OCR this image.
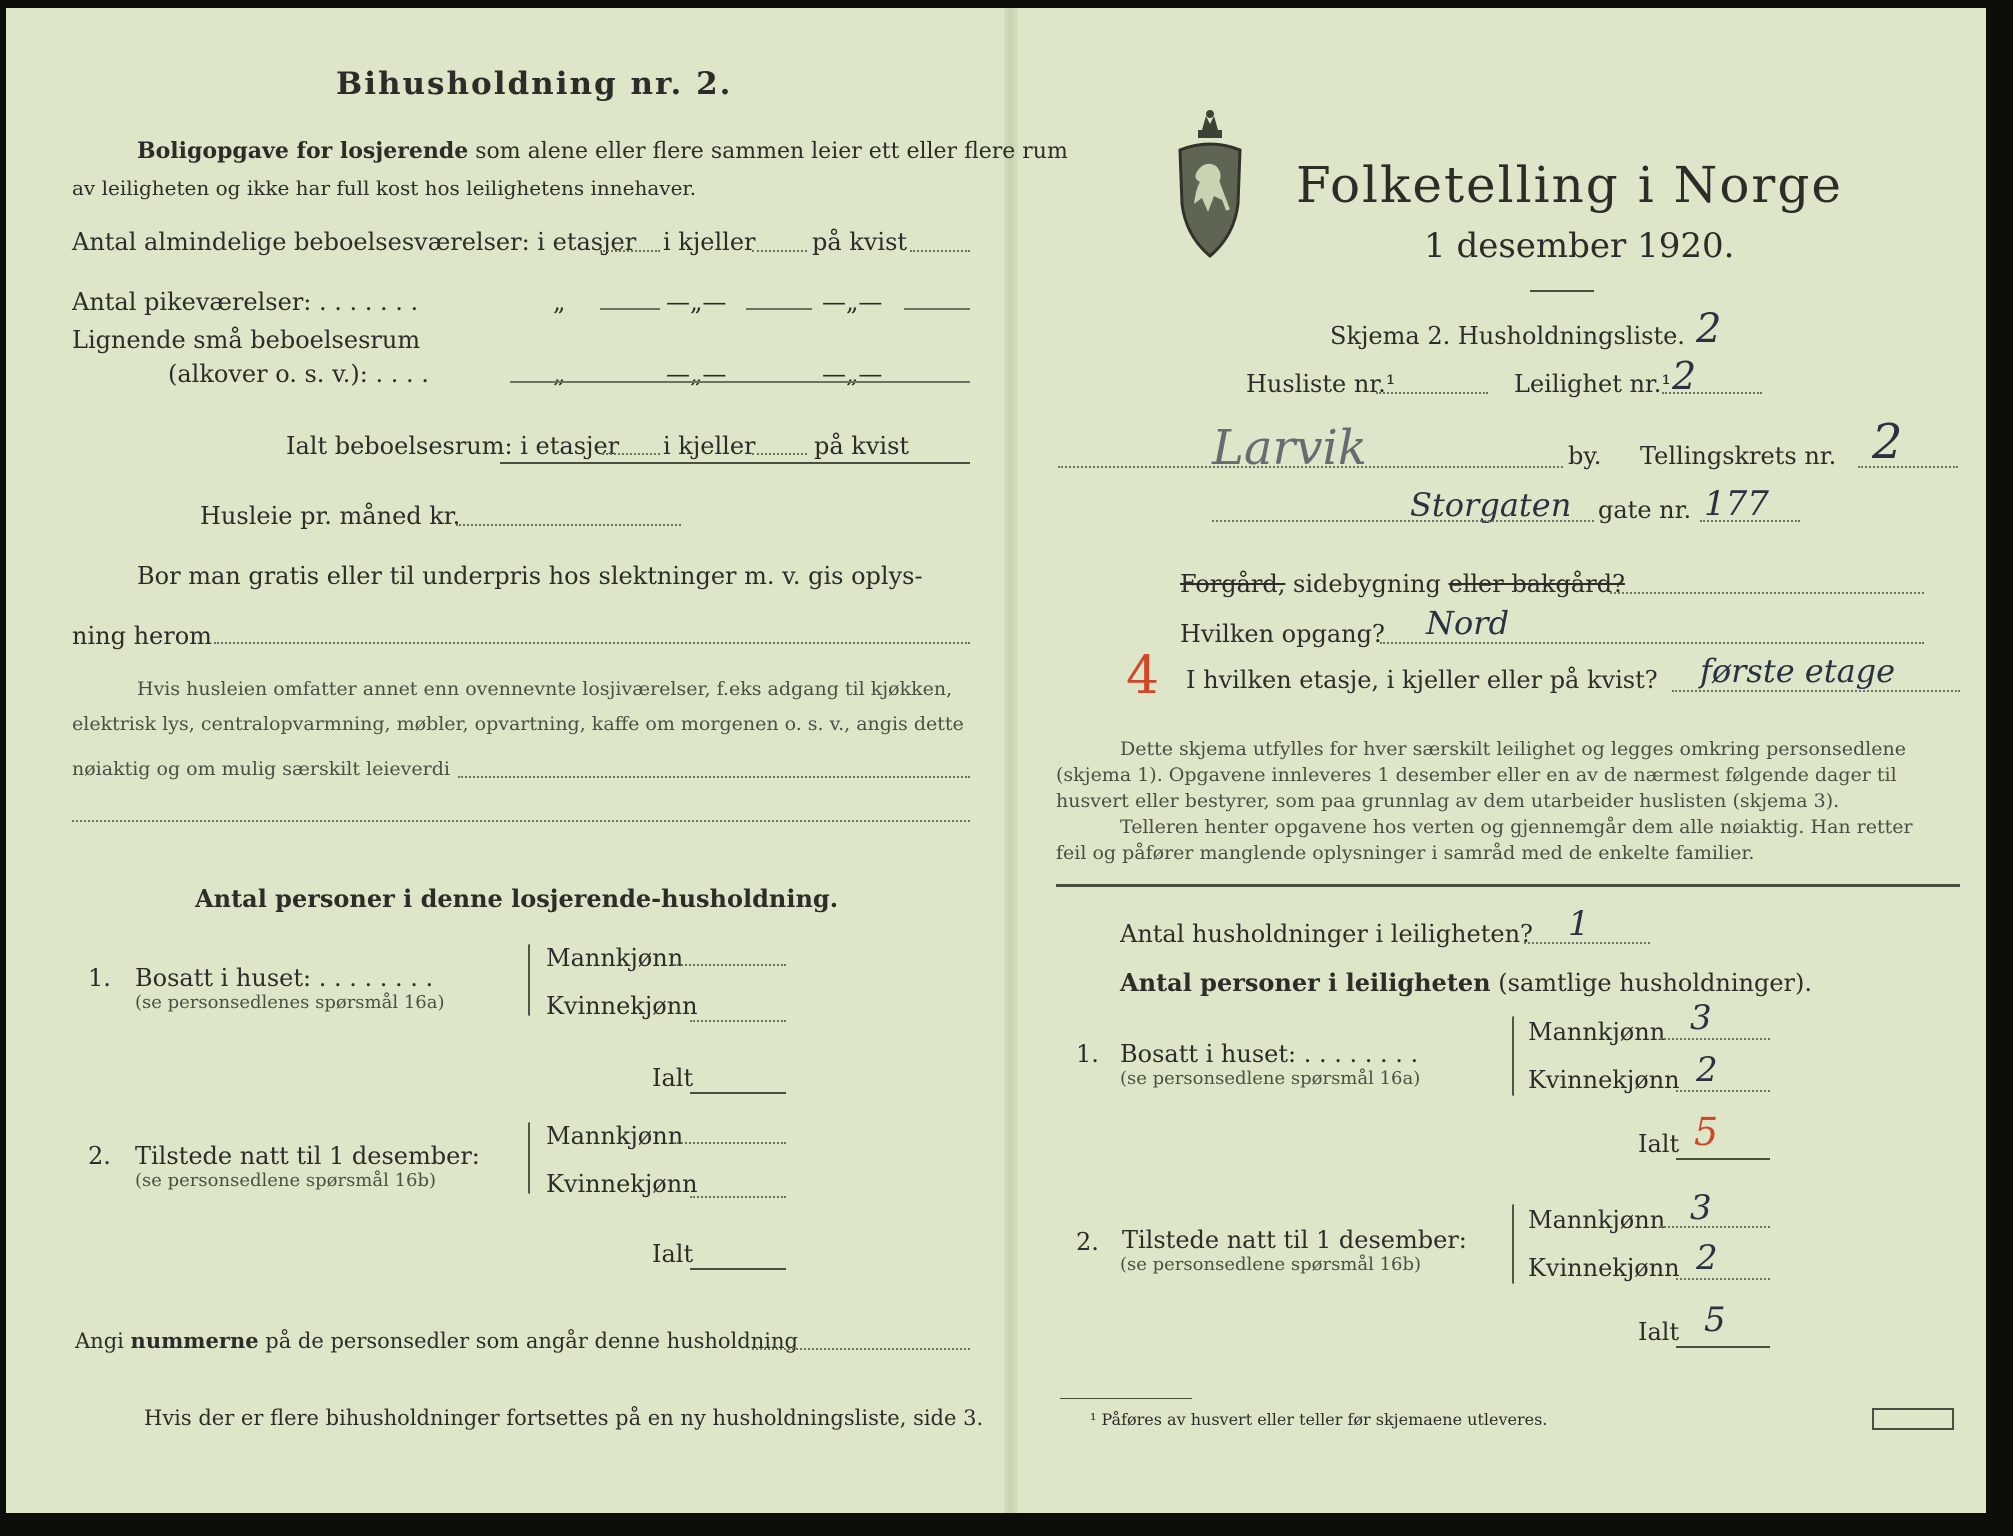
Bihusholdning nr. 2.
Boligopgave for losjerende som alene eller flere sammen leier ett eller flere rum
av leiligheten og ikke har full kost hos leilighetens innehaver.
Antal almindelige beboelsesværelser: i etasjer i kjeller på kvist
Antal pikeværelser: . . . . . . .	„	—„—	—„—
Lignende små beboelsesrum
(alkover o. s. v.): . . . .	„	—„—	—„—
Ialt beboelsesrum: i etasjer i kjeller på kvist
Husleie pr. måned kr.
Bor man gratis eller til underpris hos slektninger m. v. gis oplys-
ning herom
Hvis husleien omfatter annet enn ovennevnte losjiværelser, f.eks adgang til kjøkken,
elektrisk lys, centralopvarmning, møbler, opvartning, kaffe om morgenen o. s. v., angis dette
nøiaktig og om mulig særskilt leieverdi
Antal personer i denne losjerende-husholdning.
1. Bosatt i huset: . . . . . . . .
(se personsedlenes spørsmål 16a)
Mannkjønn
Kvinnekjønn
Ialt
2. Tilstede natt til 1 desember:
(se personsedlene spørsmål 16b)
Mannkjønn
Kvinnekjønn
Ialt
Angi nummerne på de personsedler som angår denne husholdning
Hvis der er flere bihusholdninger fortsettes på en ny husholdningsliste, side 3.
Folketelling i Norge
1 desember 1920.
Skjema 2. Husholdningsliste. 2
Husliste nr.¹	Leilighet nr.¹ 2
Larvik	by. Tellingskrets nr. 2
Storgaten gate nr. 177
Forgård, sidebygning eller bakgård?
Hvilken opgang? Nord
4 I hvilken etasje, i kjeller eller på kvist? første etage
Dette skjema utfylles for hver særskilt leilighet og legges omkring personsedlene
(skjema 1). Opgavene innleveres 1 desember eller en av de nærmest følgende dager til
husvert eller bestyrer, som paa grunnlag av dem utarbeider huslisten (skjema 3).
Telleren henter opgavene hos verten og gjennemgår dem alle nøiaktig. Han retter
feil og påfører manglende oplysninger i samråd med de enkelte familier.
Antal husholdninger i leiligheten? 1
Antal personer i leiligheten (samtlige husholdninger).
1. Bosatt i huset: . . . . . . . .
(se personsedlene spørsmål 16a)
Mannkjønn 3
Kvinnekjønn 2
Ialt 5
2. Tilstede natt til 1 desember:
(se personsedlene spørsmål 16b)
Mannkjønn 3
Kvinnekjønn 2
Ialt 5
¹ Påføres av husvert eller teller før skjemaene utleveres.
